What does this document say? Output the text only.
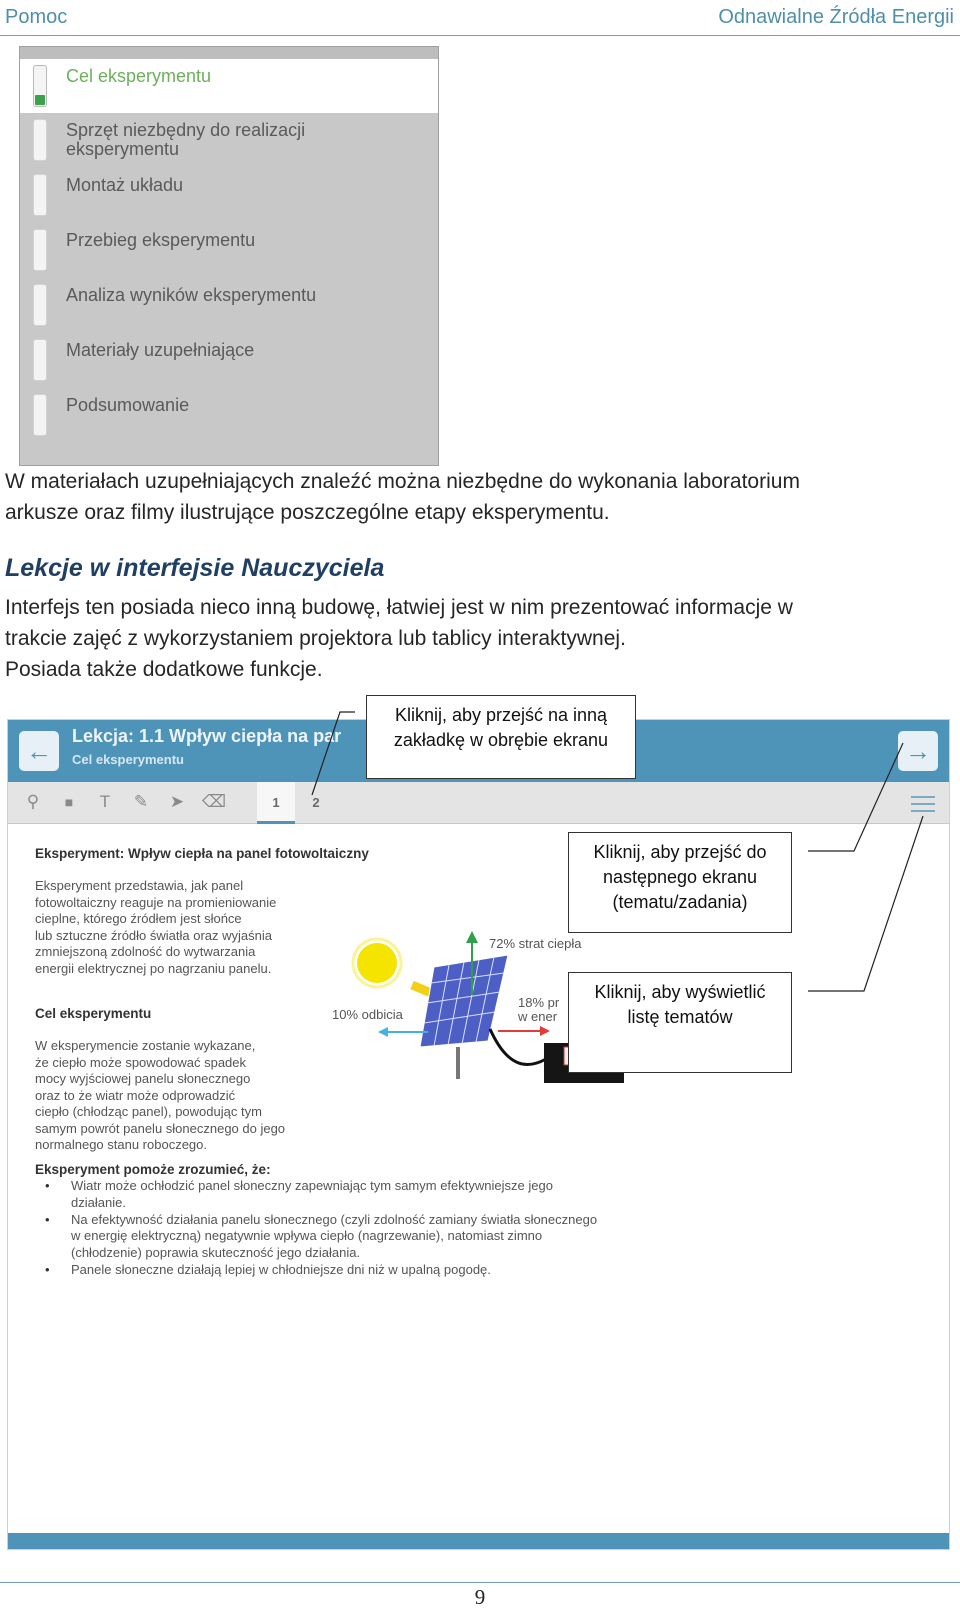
Pomoc	Odnawialne Źródła Energii
Cel eksperymentu
Sprzęt niezbędny do realizacji eksperymentu
Montaż układu
Przebieg eksperymentu
Analiza wyników eksperymentu
Materiały uzupełniające
Podsumowanie
W materiałach uzupełniających znaleźć można niezbędne do wykonania laboratorium
arkusze oraz filmy ilustrujące poszczególne etapy eksperymentu.
Lekcje w interfejsie Nauczyciela
Interfejs ten posiada nieco inną budowę, łatwiej jest w nim prezentować informacje w
trakcie zajęć z wykorzystaniem projektora lub tablicy interaktywnej.
Posiada także dodatkowe funkcje.
←	Lekcja: 1.1 Wpływ ciepła na par
Cel eksperymentu	→
⚲	■	T	✎ ➤ ⌫	1	2
Eksperyment: Wpływ ciepła na panel fotowoltaiczny
Eksperyment przedstawia, jak panel
fotowoltaiczny reaguje na promieniowanie
cieplne, którego źródłem jest słońce
lub sztuczne źródło światła oraz wyjaśnia
zmniejszoną zdolność do wytwarzania
energii elektrycznej po nagrzaniu panelu.
Cel eksperymentu
W eksperymencie zostanie wykazane,
że ciepło może spowodować spadek
mocy wyjściowej panelu słonecznego
oraz to że wiatr może odprowadzić
ciepło (chłodząc panel), powodując tym
samym powrót panelu słonecznego do jego
normalnego stanu roboczego.
Eksperyment pomoże zrozumieć, że:
• Wiatr może ochłodzić panel słoneczny zapewniając tym samym efektywniejsze jego
działanie.
• Na efektywność działania panelu słonecznego (czyli zdolność zamiany światła słonecznego
w energię elektryczną) negatywnie wpływa ciepło (nagrzewanie), natomiast zimno
(chłodzenie) poprawia skuteczność jego działania.
• Panele słoneczne działają lepiej w chłodniejsze dni niż w upalną pogodę.
72% strat ciepła
10% odbicia
18% pr
w ener
Kliknij, aby przejść na inną
zakładkę w obrębie ekranu
Kliknij, aby przejść do
następnego ekranu
(tematu/zadania)
Kliknij, aby wyświetlić
listę tematów
9
